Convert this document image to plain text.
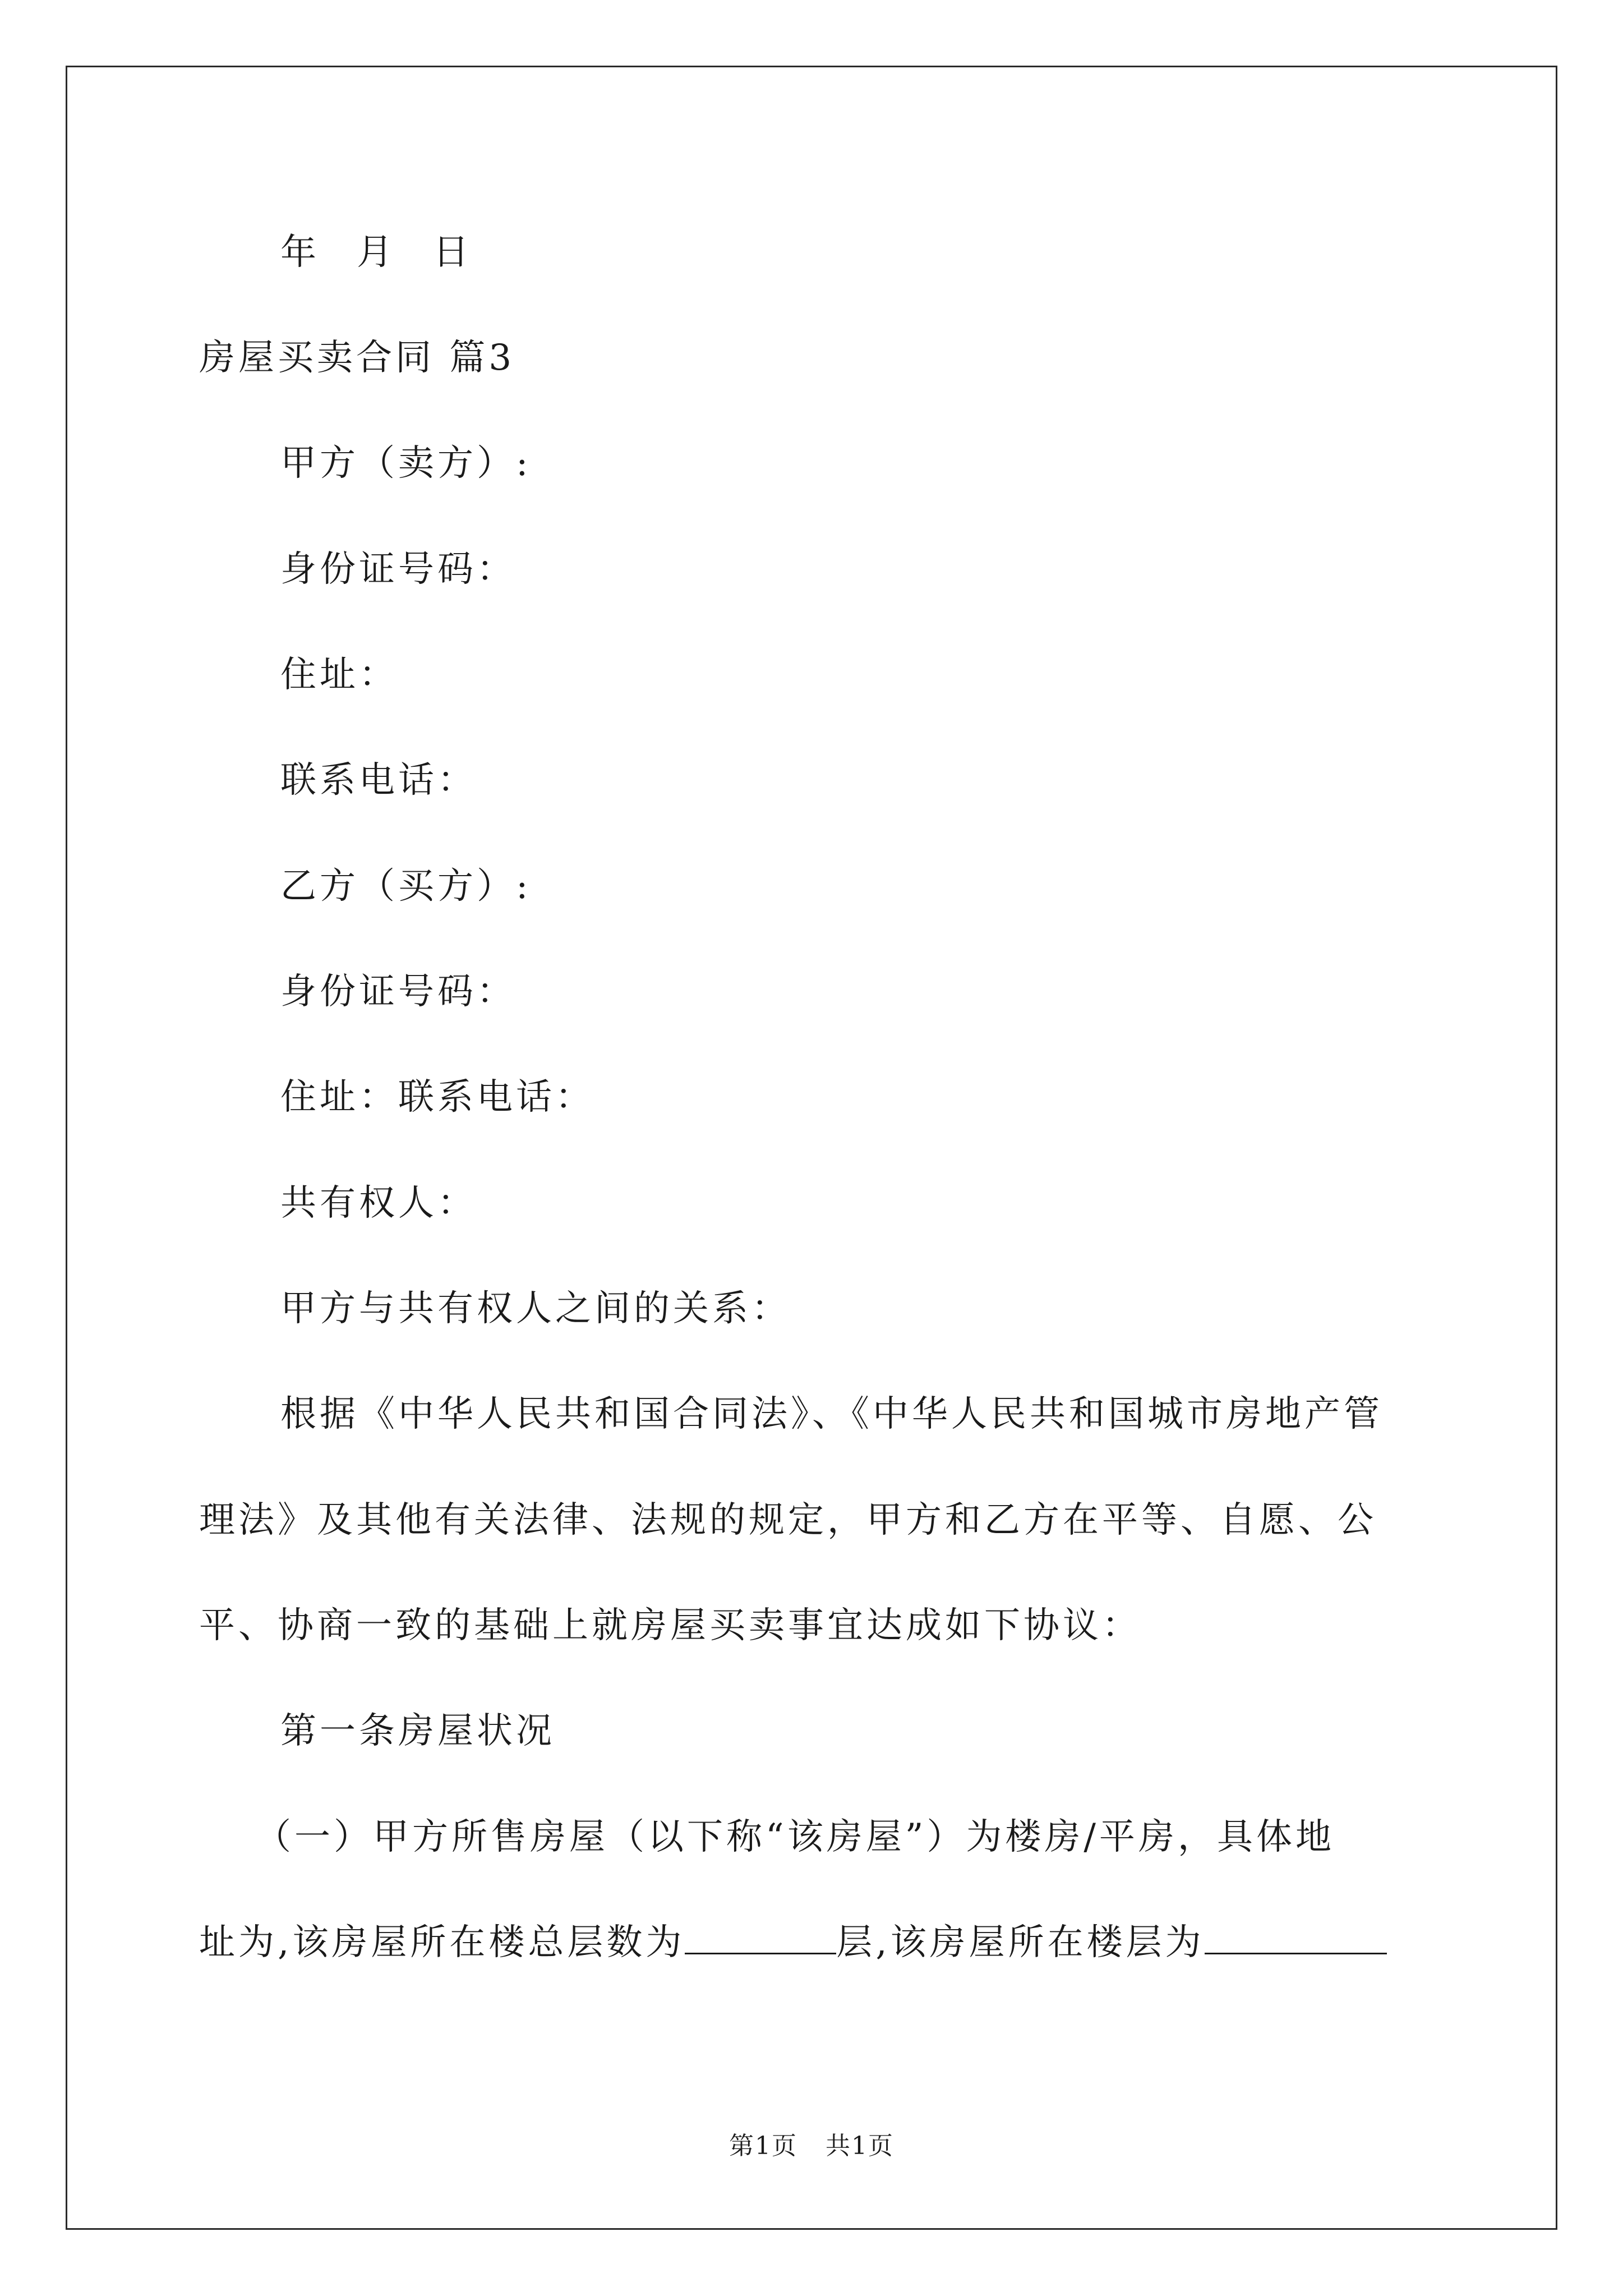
年 月 日
房屋买卖合同 篇3
甲方（卖方）:
身份证号码：
住址：
联系电话：
乙方（买方）:
身份证号码：
住址：联系电话：
共有权人：
甲方与共有权人之间的关系：
根据《中华人民共和国合同法》、《中华人民共和国城市房地产管
理法》及其他有关法律、法规的规定，甲方和乙方在平等、自愿、公
平、协商一致的基础上就房屋买卖事宜达成如下协议：
第一条房屋状况
（一）甲方所售房屋（以下称“该房屋”）为楼房/平房，具体地
址为,该房屋所在楼总层数为	层,该房屋所在楼层为
第1页 共1页
